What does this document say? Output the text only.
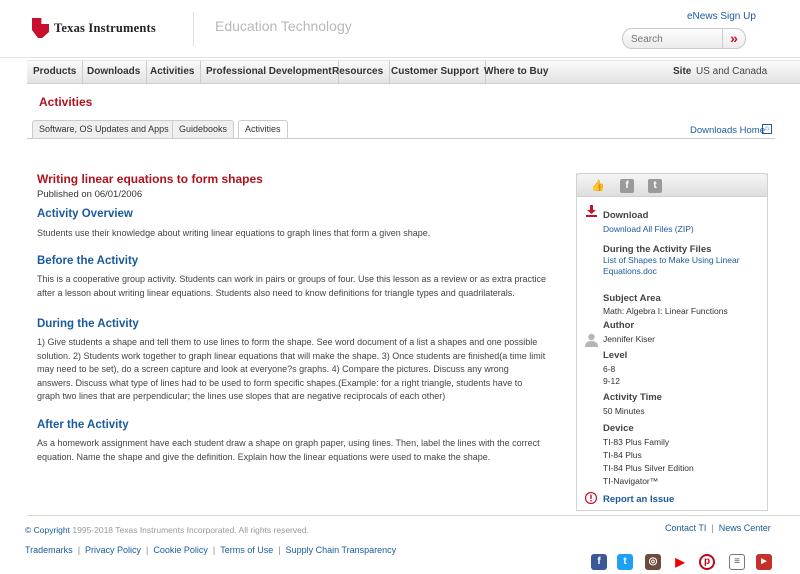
Texas Instruments	Education Technology
eNews Sign Up
Search
»
Products	Downloads Activities	Professional Development Resources Customer Support Where to Buy	Site US and Canada
Activities
Software, OS Updates and Apps	Guidebooks	Activities	Downloads Home ⌂
Writing linear equations to form shapes
Published on 06/01/2006
Activity Overview
Students use their knowledge about writing linear equations to graph lines that form a given shape.
Before the Activity
This is a cooperative group activity. Students can work in pairs or groups of four. Use this lesson as a review or as extra practice after a lesson about writing linear equations. Students also need to know definitions for triangle types and quadrilaterals.
During the Activity
1) Give students a shape and tell them to use lines to form the shape. See word document of a list a shapes and one possible solution. 2) Students work together to graph linear equations that will make the shape. 3) Once students are finished(a time limit may need to be set), do a screen capture and look at everyone?s graphs. 4) Compare the pictures. Discuss any wrong answers. Discuss what type of lines had to be used to form specific shapes.(Example: for a right triangle, students have to graph two lines that are perpendicular; the lines use slopes that are negative reciprocals of each other)
After the Activity
As a homework assignment have each student draw a shape on graph paper, using lines. Then, label the lines with the correct equation. Name the shape and give the definition. Explain how the linear equations were used to make the shape.
👍	f	t
Download
Download All Files (ZIP)
During the Activity Files
List of Shapes to Make Using Linear Equations.doc
Subject Area
Math: Algebra I: Linear Functions
Author
Jennifer Kiser
Level
6-8
9-12
Activity Time
50 Minutes
Device
TI-83 Plus Family
TI-84 Plus
TI-84 Plus Silver Edition
TI-Navigator™
Report an Issue
© Copyright 1995-2018 Texas Instruments Incorporated. All rights reserved.	Contact TI | News Center
Trademarks | Privacy Policy | Cookie Policy | Terms of Use | Supply Chain Transparency
f	t	◎	▶	p	≡	▶
